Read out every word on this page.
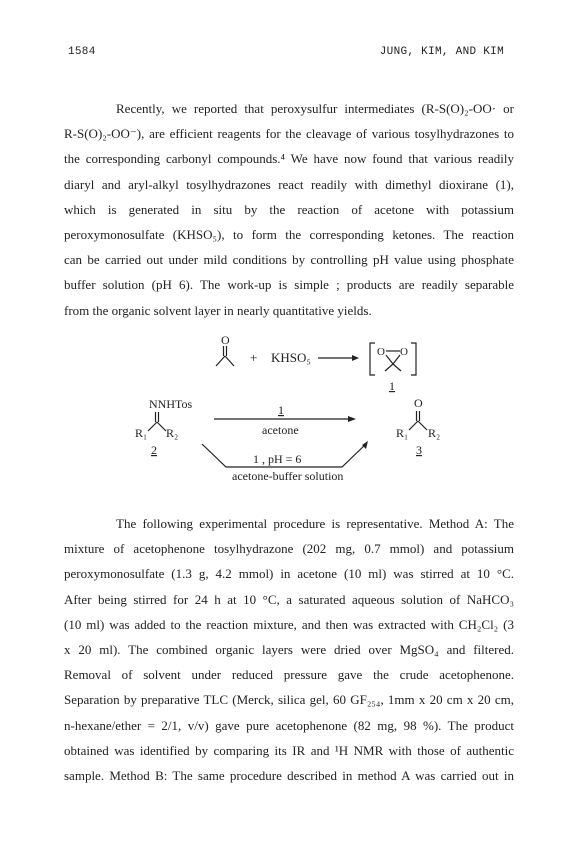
1584	JUNG, KIM, AND KIM
Recently, we reported that peroxysulfur intermediates (R-S(O)₂-OO· or
R-S(O)₂-OO⁻), are efficient reagents for the cleavage of various tosylhydrazones to
the corresponding carbonyl compounds.⁴ We have now found that various readily
diaryl and aryl-alkyl tosylhydrazones react readily with dimethyl dioxirane (1),
which is generated in situ by the reaction of acetone with potassium
peroxymonosulfate (KHSO₅), to form the corresponding ketones. The reaction
can be carried out under mild conditions by controlling pH value using phosphate
buffer solution (pH 6). The work-up is simple ; products are readily separable
from the organic solvent layer in nearly quantitative yields.
O
+ KHSO₅	O O
1
NNHTos
R₁ R₂
2
1
acetone
O
R₁ R₂
3
1 , pH = 6
acetone-buffer solution
The following experimental procedure is representative. Method A: The
mixture of acetophenone tosylhydrazone (202 mg, 0.7 mmol) and potassium
peroxymonosulfate (1.3 g, 4.2 mmol) in acetone (10 ml) was stirred at 10 °C.
After being stirred for 24 h at 10 °C, a saturated aqueous solution of NaHCO₃
(10 ml) was added to the reaction mixture, and then was extracted with CH₂Cl₂ (3
x 20 ml). The combined organic layers were dried over MgSO₄ and filtered.
Removal of solvent under reduced pressure gave the crude acetophenone.
Separation by preparative TLC (Merck, silica gel, 60 GF₂₅₄, 1mm x 20 cm x 20 cm,
n-hexane/ether = 2/1, v/v) gave pure acetophenone (82 mg, 98 %). The product
obtained was identified by comparing its IR and ¹H NMR with those of authentic
sample. Method B: The same procedure described in method A was carried out in
